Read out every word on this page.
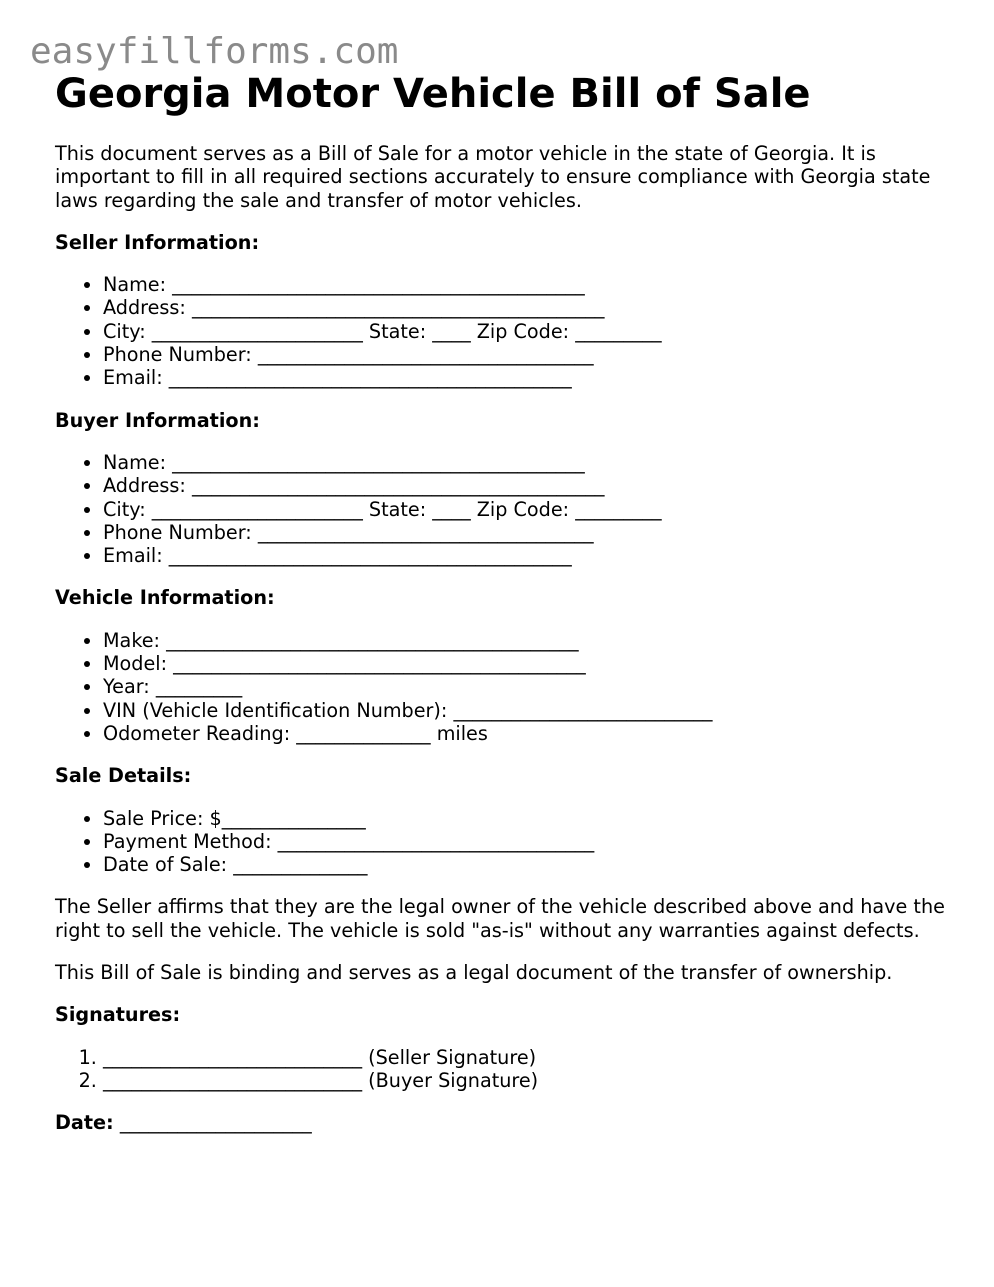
easyfillforms.com
Georgia Motor Vehicle Bill of Sale

This document serves as a Bill of Sale for a motor vehicle in the state of Georgia. It is important to fill in all required sections accurately to ensure compliance with Georgia state laws regarding the sale and transfer of motor vehicles.

Seller Information:
• Name: ___________________________________________
• Address: ___________________________________________
• City: ______________________ State: ____ Zip Code: _________
• Phone Number: ___________________________________
• Email: __________________________________________
Buyer Information:
• Name: ___________________________________________
• Address: ___________________________________________
• City: ______________________ State: ____ Zip Code: _________
• Phone Number: ___________________________________
• Email: __________________________________________
Vehicle Information:
• Make: ___________________________________________
• Model: ___________________________________________
• Year: _________
• VIN (Vehicle Identification Number): ___________________________
• Odometer Reading: ______________ miles
Sale Details:
• Sale Price: $_______________
• Payment Method: _________________________________
• Date of Sale: ______________

The Seller affirms that they are the legal owner of the vehicle described above and have the right to sell the vehicle. The vehicle is sold "as-is" without any warranties against defects.

This Bill of Sale is binding and serves as a legal document of the transfer of ownership.

Signatures:
1. ___________________________ (Seller Signature)
2. ___________________________ (Buyer Signature)
Date: ____________________
